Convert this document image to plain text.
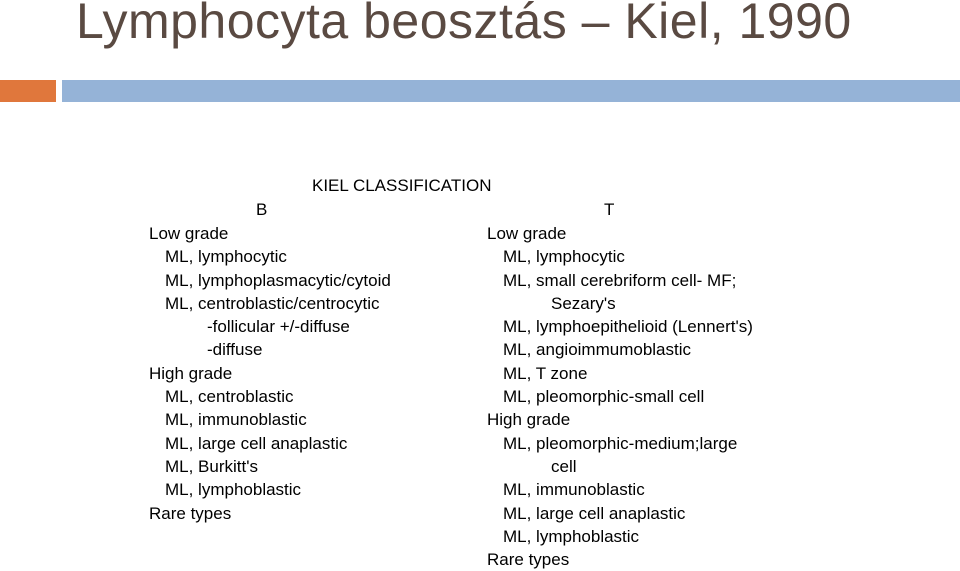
Lymphocyta beosztás – Kiel, 1990
KIEL CLASSIFICATION
B	T
Low grade
ML, lymphocytic
ML, lymphoplasmacytic/cytoid
ML, centroblastic/centrocytic
-follicular +/-diffuse
-diffuse
High grade
ML, centroblastic
ML, immunoblastic
ML, large cell anaplastic
ML, Burkitt's
ML, lymphoblastic
Rare types
Low grade
ML, lymphocytic
ML, small cerebriform cell- MF;
Sezary's
ML, lymphoepithelioid (Lennert's)
ML, angioimmumoblastic
ML, T zone
ML, pleomorphic-small cell
High grade
ML, pleomorphic-medium;large
cell
ML, immunoblastic
ML, large cell anaplastic
ML, lymphoblastic
Rare types
